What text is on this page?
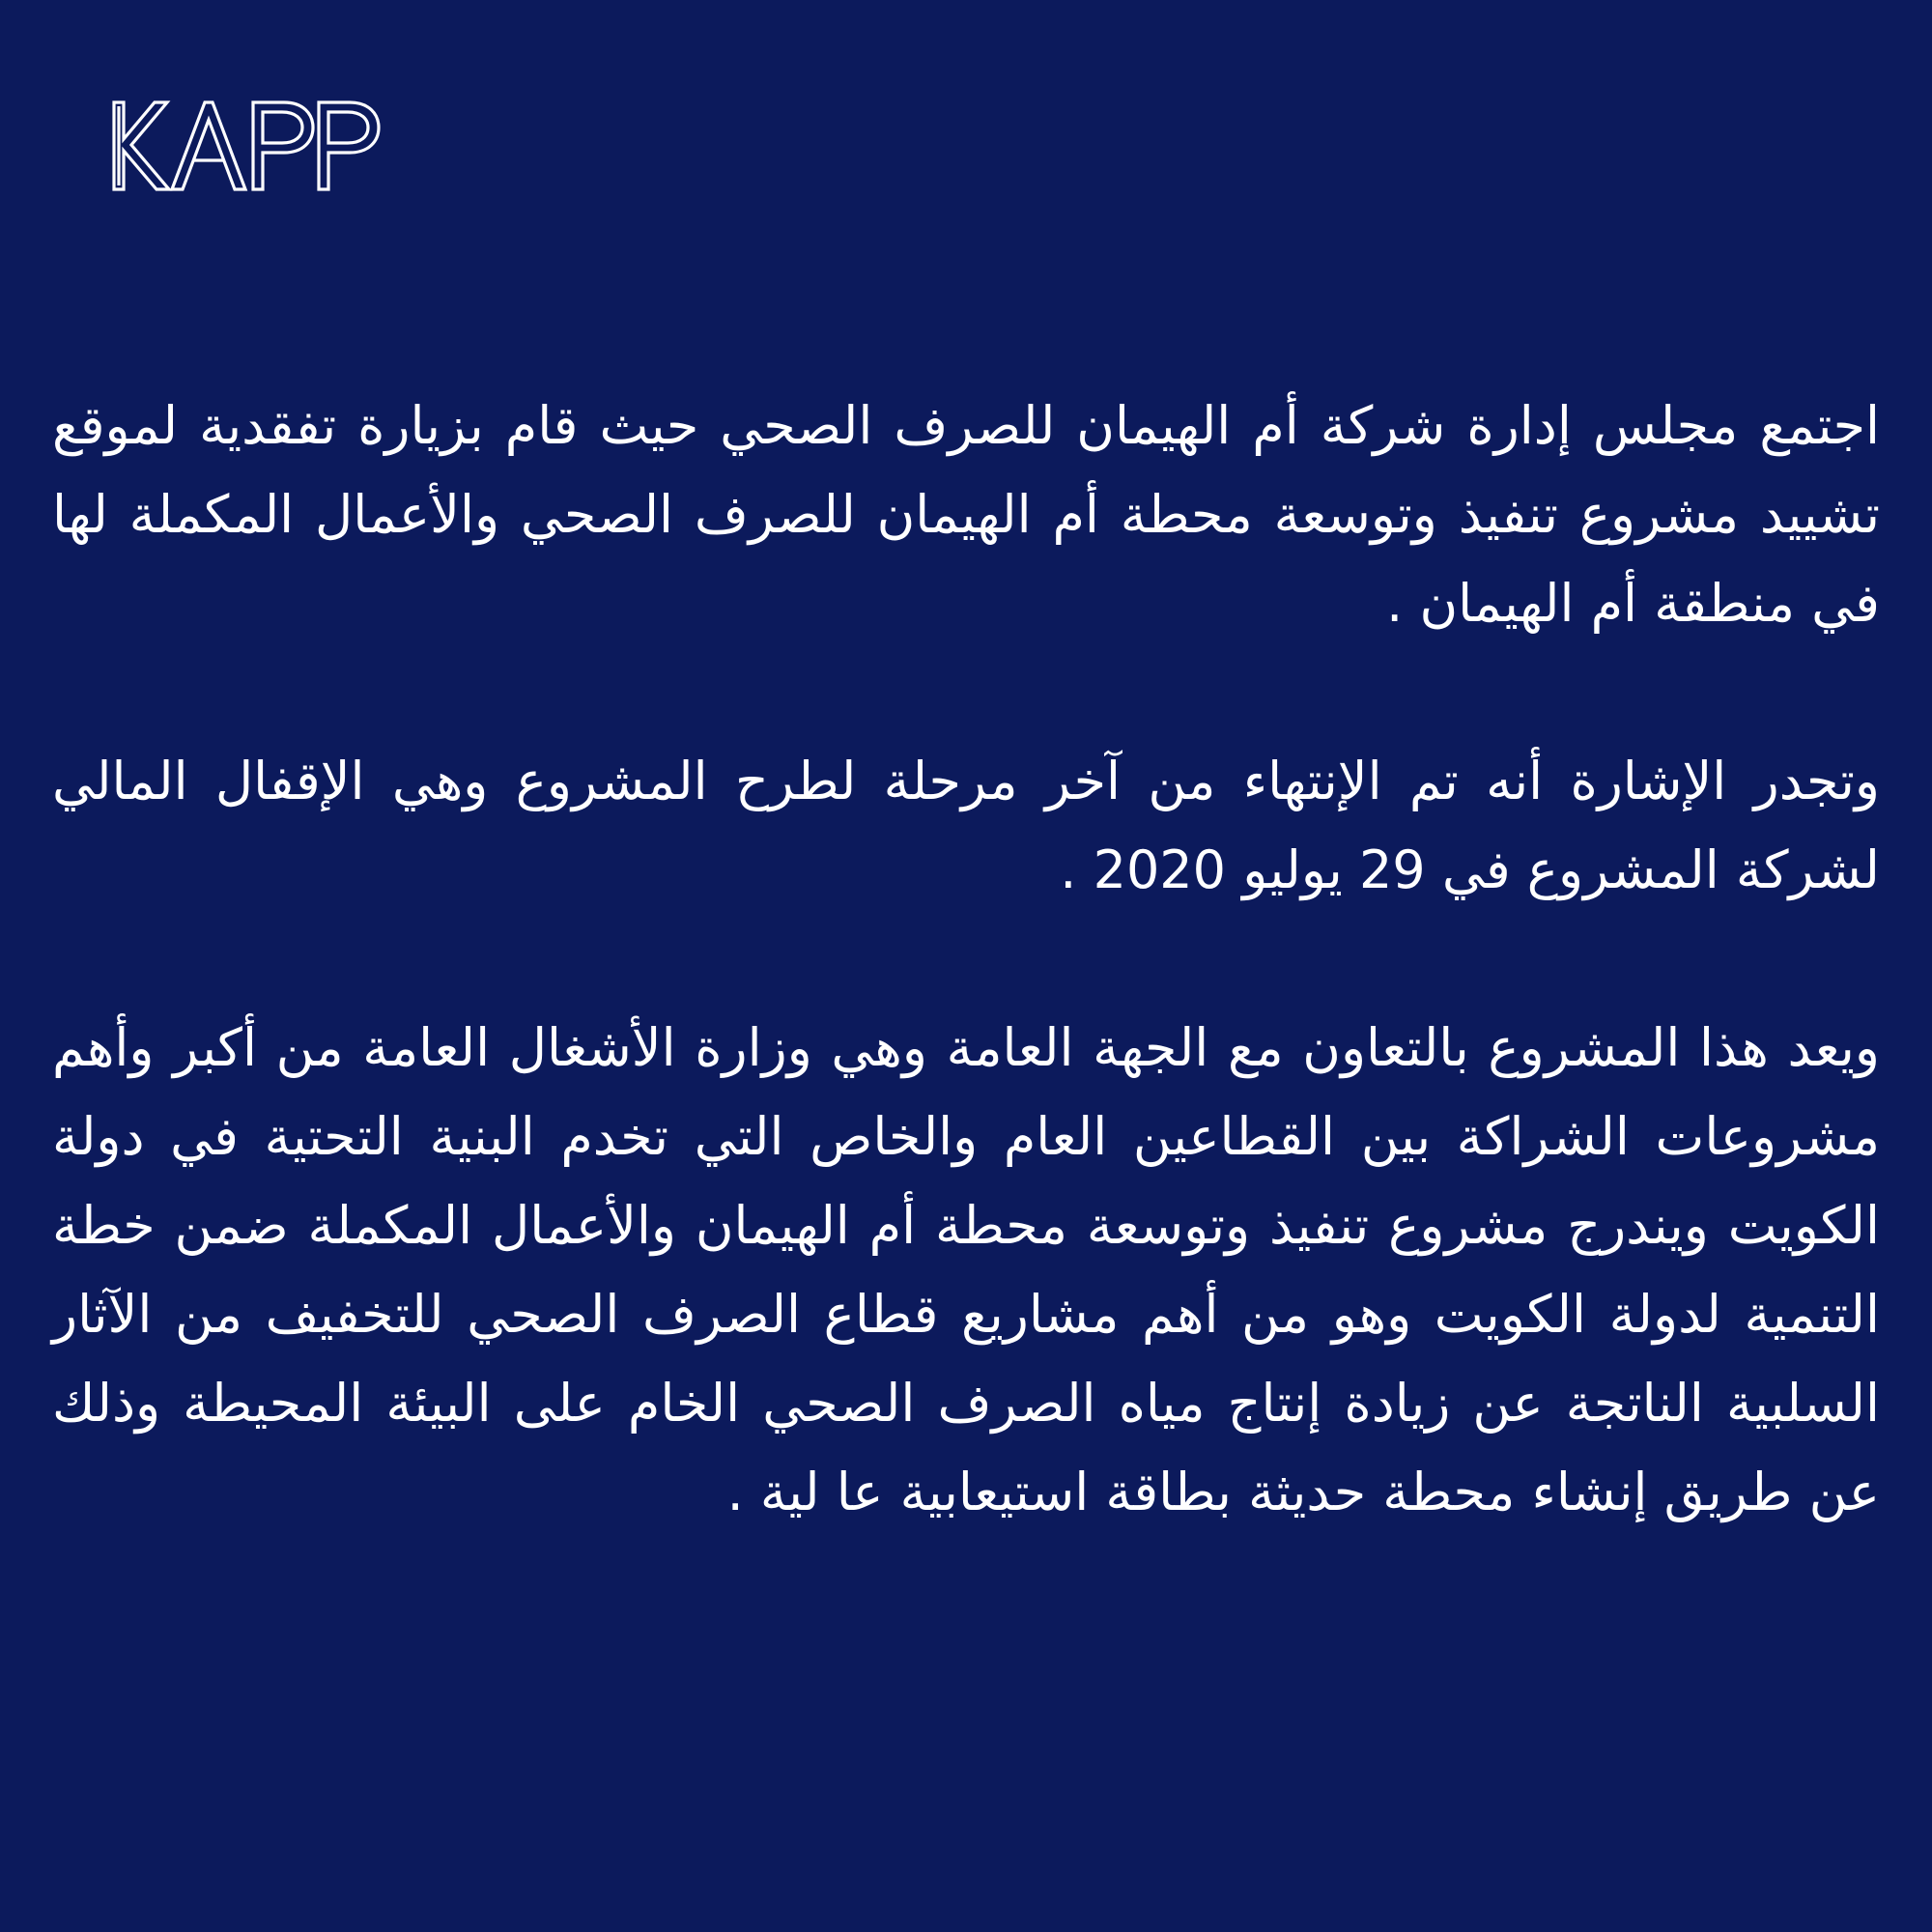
اجتمع مجلس إدارة شركة أم الهيمان للصرف الصحي حيث قام بزيارة تفقدية لموقع تشييد مشروع تنفيذ وتوسعة محطة أم الهيمان للصرف الصحي والأعمال المكملة لها في منطقة أم الهيمان .

وتجدر الإشارة أنه تم الإنتهاء من آخر مرحلة لطرح المشروع وهي الإقفال المالي لشركة المشروع في 29 يوليو 2020 .

ويعد هذا المشروع بالتعاون مع الجهة العامة وهي وزارة الأشغال العامة من أكبر وأهم مشروعات الشراكة بين القطاعين العام والخاص التي تخدم البنية التحتية في دولة الكويت ويندرج مشروع تنفيذ وتوسعة محطة أم الهيمان والأعمال المكملة ضمن خطة التنمية لدولة الكويت وهو من أهم مشاريع قطاع الصرف الصحي للتخفيف من الآثار السلبية الناتجة عن زيادة إنتاج مياه الصرف الصحي الخام على البيئة المحيطة وذلك عن طريق إنشاء محطة حديثة بطاقة استيعابية عا لية .
